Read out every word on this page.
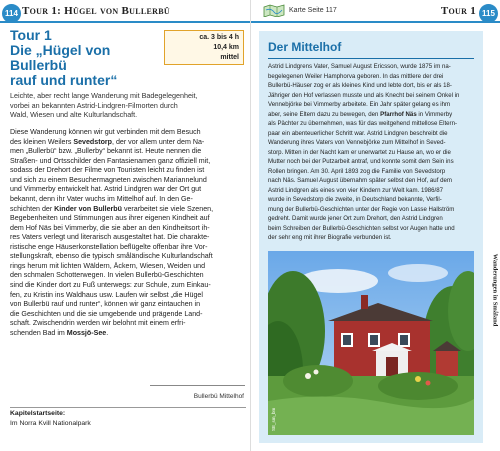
114 Tour 1: Hügel von Bullerbü
Tour 1
Die „Hügel von Bullerbü
rauf und runter“
ca. 3 bis 4 h
10,4 km
mittel
Leichte, aber recht lange Wanderung mit Badegelegenheit,
vorbei an bekannten Astrid-Lindgren-Filmorten durch
Wald, Wiesen und alte Kulturlandschaft.
Diese Wanderung können wir gut verbinden mit dem Besuch
des kleinen Weilers Sevedstorp, der vor allem unter dem Na-
men „Bullerbü“ bzw. „Bullerby“ bekannt ist. Heute nennen die
Straßen- und Ortsschilder den Fantasienamen ganz offiziell mit,
sodass der Drehort der Filme von Touristen leicht zu finden ist
und sich zu einem Besuchermagneten zwischen Mariannelund
und Vimmerby entwickelt hat. Astrid Lindgren war der Ort gut
bekannt, denn ihr Vater wuchs im Mittelhof auf. In den Ge-
schichten der Kinder von Bullerbü verarbeitet sie viele Szenen,
Begebenheiten und Stimmungen aus ihrer eigenen Kindheit auf
dem Hof Näs bei Vimmerby, die sie aber an den Kindheitsort ih-
res Vaters verlegt und literarisch ausgestaltet hat. Die charakte-
ristische enge Häuserkonstellation beflügelte offenbar ihre Vor-
stellungskraft, ebenso die typisch småländische Kulturlandschaft
rings herum mit lichten Wäldern, Äckern, Wiesen, Weiden und
den schmalen Schotterwegen. In vielen Bullerbü-Geschichten
sind die Kinder dort zu Fuß unterwegs: zur Schule, zum Einkau-
fen, zu Kristin ins Waldhaus usw. Laufen wir selbst „die Hügel
von Bullerbü rauf und runter“, können wir ganz eintauchen in
die Geschichten und die sie umgebende und prägende Land-
schaft. Zwischendrin werden wir belohnt mit einem erfri-
schenden Bad im Mossjö-See.
Bullerbü Mittelhof
Kapitelstartseite:
Im Norra Kvill Nationalpark
Karte Seite 117	Tour 1 115
Wanderungen in Småland
Der Mittelhof
Astrid Lindgrens Vater, Samuel August Ericsson, wurde 1875 im na-
begelegenen Weiler Hamphorva geboren. In das mittlere der drei
Bullerbü-Häuser zog er als kleines Kind und lebte dort, bis er als 18-
Jähriger den Hof verlassen musste und als Knecht bei seinem Onkel in
Vennebjörke bei Vimmerby arbeitete. Ein Jahr später gelang es ihm
aber, seine Eltern dazu zu bewegen, den Pfarrhof Näs in Vimmerby
als Pächter zu übernehmen, was für das weitgehend mittellose Eltern-
paar ein abenteuerlicher Schritt war. Astrid Lindgren beschreibt die
Wanderung ihres Vaters von Vennebjörke zum Mittelhof in Seved-
storp. Mitten in der Nacht kam er unerwartet zu Hause an, wo er die
Mutter noch bei der Putzarbeit antraf, und konnte somit dem Sein ins
Rollen bringen. Am 30. April 1893 zog die Familie von Sevedstorp
nach Näs. Samuel August übernahm später selbst den Hof, auf dem
Astrid Lindgren als eines von vier Kindern zur Welt kam. 1986/87
wurde in Sevedstorp die zweite, in Deutschland bekannte, Verfil-
mung der Bullerbü-Geschichten unter der Regie von Lasse Hallström
gedreht. Damit wurde jener Ort zum Drehort, den Astrid Lindgren
beim Schreiben der Bullerbü-Geschichten selbst vor Augen hatte und
der sehr eng mit ihrer Biografie verbunden ist.
SE_sm_bm
